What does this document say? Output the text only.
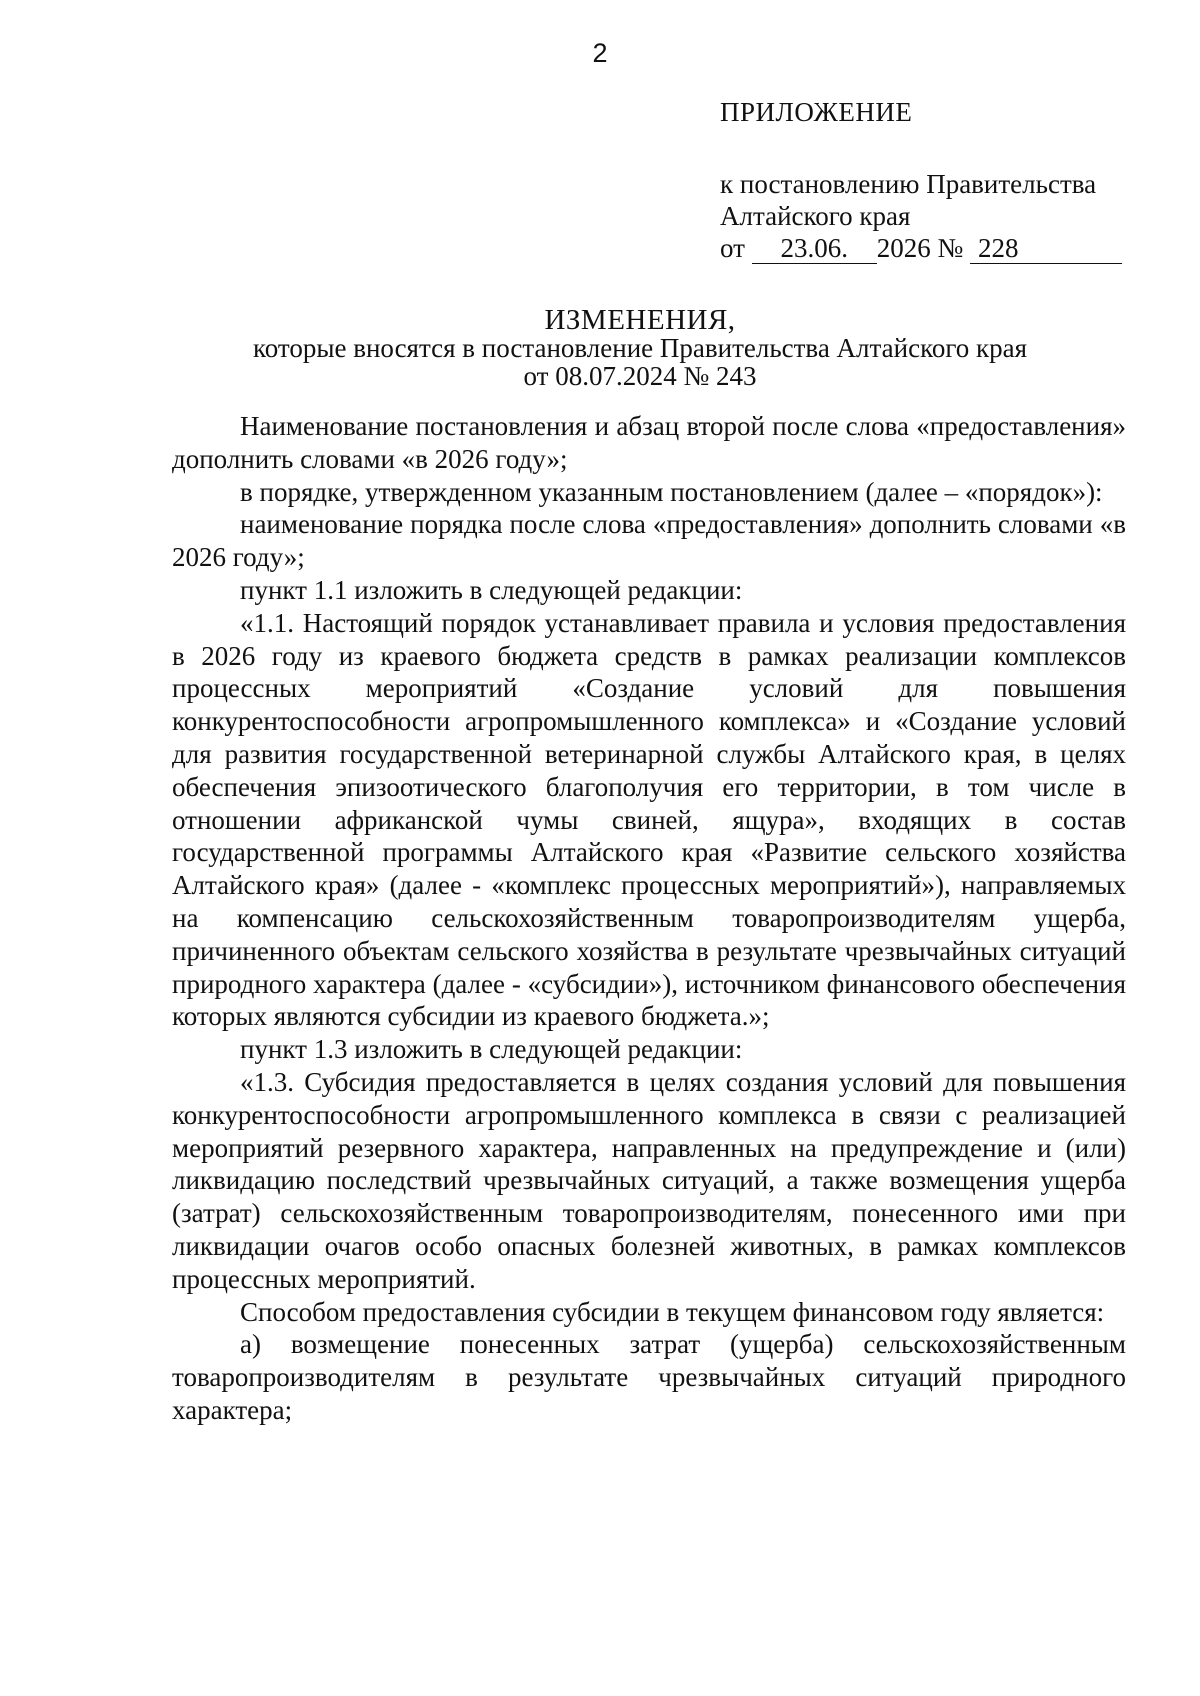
2
ПРИЛОЖЕНИЕ
к постановлению Правительства
Алтайского края
от 23.06. 2026 № 228
ИЗМЕНЕНИЯ,
которые вносятся в постановление Правительства Алтайского края
от 08.07.2024 № 243

Наименование постановления и абзац второй после слова «предоставления» дополнить словами «в 2026 году»;

в порядке, утвержденном указанным постановлением (далее – «порядок»):

наименование порядка после слова «предоставления» дополнить словами «в 2026 году»;

пункт 1.1 изложить в следующей редакции:

«1.1. Настоящий порядок устанавливает правила и условия предоставления в 2026 году из краевого бюджета средств в рамках реализации комплексов процессных мероприятий «Создание условий для повышения конкурентоспособности агропромышленного комплекса» и «Создание условий для развития государственной ветеринарной службы Алтайского края, в целях обеспечения эпизоотического благополучия его территории, в том числе в отношении африканской чумы свиней, ящура», входящих в состав государственной программы Алтайского края «Развитие сельского хозяйства Алтайского края» (далее - «комплекс процессных мероприятий»), направляемых на компенсацию сельскохозяйственным товаропроизводителям ущерба, причиненного объектам сельского хозяйства в результате чрезвычайных ситуаций природного характера (далее - «субсидии»), источником финансового обеспечения которых являются субсидии из краевого бюджета.»;

пункт 1.3 изложить в следующей редакции:

«1.3. Субсидия предоставляется в целях создания условий для повышения конкурентоспособности агропромышленного комплекса в связи с реализацией мероприятий резервного характера, направленных на предупреждение и (или) ликвидацию последствий чрезвычайных ситуаций, а также возмещения ущерба (затрат) сельскохозяйственным товаропроизводителям, понесенного ими при ликвидации очагов особо опасных болезней животных, в рамках комплексов процессных мероприятий.

Способом предоставления субсидии в текущем финансовом году является:

а) возмещение понесенных затрат (ущерба) сельскохозяйственным товаропроизводителям в результате чрезвычайных ситуаций природного характера;
